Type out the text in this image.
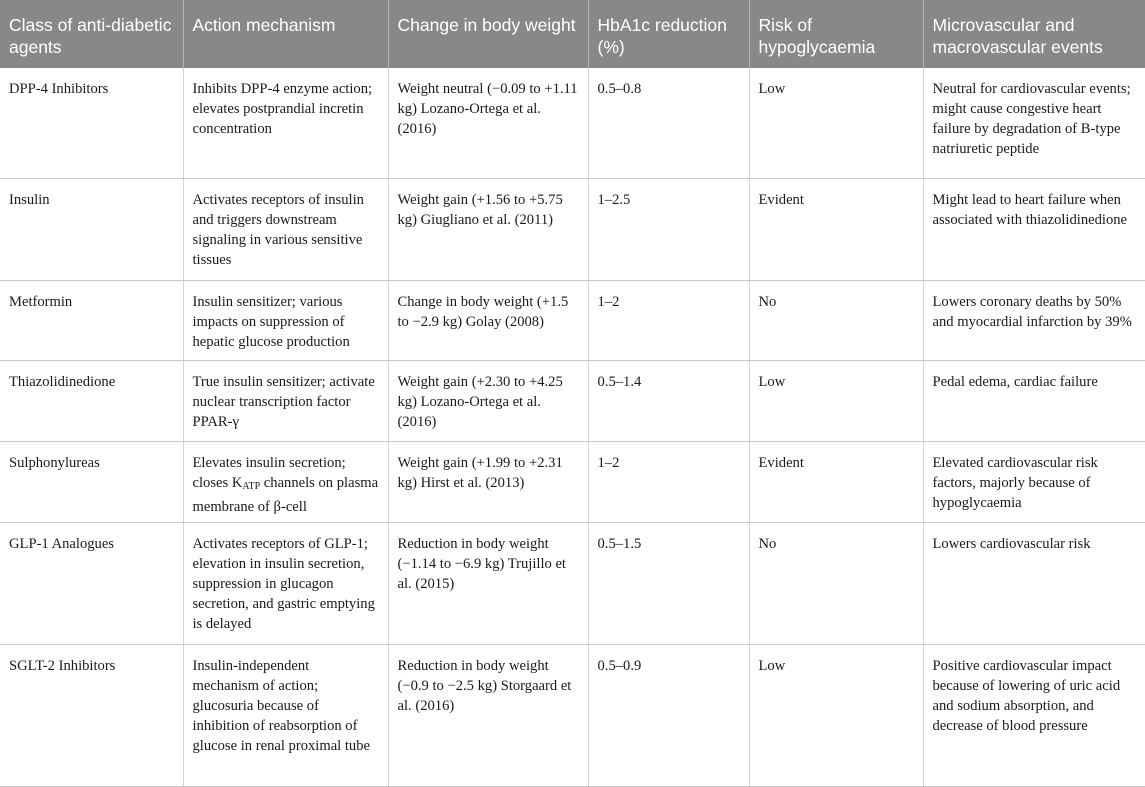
Class of anti-diabetic agents	Action mechanism	Change in body weight	HbA1c reduction (%)	Risk of hypoglycaemia	Microvascular and macrovascular events
DPP-4 Inhibitors	Inhibits DPP-4 enzyme action; elevates postprandial incretin concentration	Weight neutral (−0.09 to +1.11 kg) Lozano-Ortega et al. (2016)	0.5–0.8	Low	Neutral for cardiovascular events; might cause congestive heart failure by degradation of B-type natriuretic peptide
Insulin	Activates receptors of insulin and triggers downstream signaling in various sensitive tissues	Weight gain (+1.56 to +5.75 kg) Giugliano et al. (2011)	1–2.5	Evident	Might lead to heart failure when associated with thiazolidinedione
Metformin	Insulin sensitizer; various impacts on suppression of hepatic glucose production	Change in body weight (+1.5 to −2.9 kg) Golay (2008)	1–2	No	Lowers coronary deaths by 50% and myocardial infarction by 39%
Thiazolidinedione	True insulin sensitizer; activate nuclear transcription factor PPAR-γ	Weight gain (+2.30 to +4.25 kg) Lozano-Ortega et al. (2016)	0.5–1.4	Low	Pedal edema, cardiac failure
Sulphonylureas	Elevates insulin secretion; closes $K_{ATP}$ channels on plasma membrane of β-cell	Weight gain (+1.99 to +2.31 kg) Hirst et al. (2013)	1–2	Evident	Elevated cardiovascular risk factors, majorly because of hypoglycaemia
GLP-1 Analogues	Activates receptors of GLP-1; elevation in insulin secretion, suppression in glucagon secretion, and gastric emptying is delayed	Reduction in body weight (−1.14 to −6.9 kg) Trujillo et al. (2015)	0.5–1.5	No	Lowers cardiovascular risk
SGLT-2 Inhibitors	Insulin-independent mechanism of action; glucosuria because of inhibition of reabsorption of glucose in renal proximal tube	Reduction in body weight (−0.9 to −2.5 kg) Storgaard et al. (2016)	0.5–0.9	Low	Positive cardiovascular impact because of lowering of uric acid and sodium absorption, and decrease of blood pressure
